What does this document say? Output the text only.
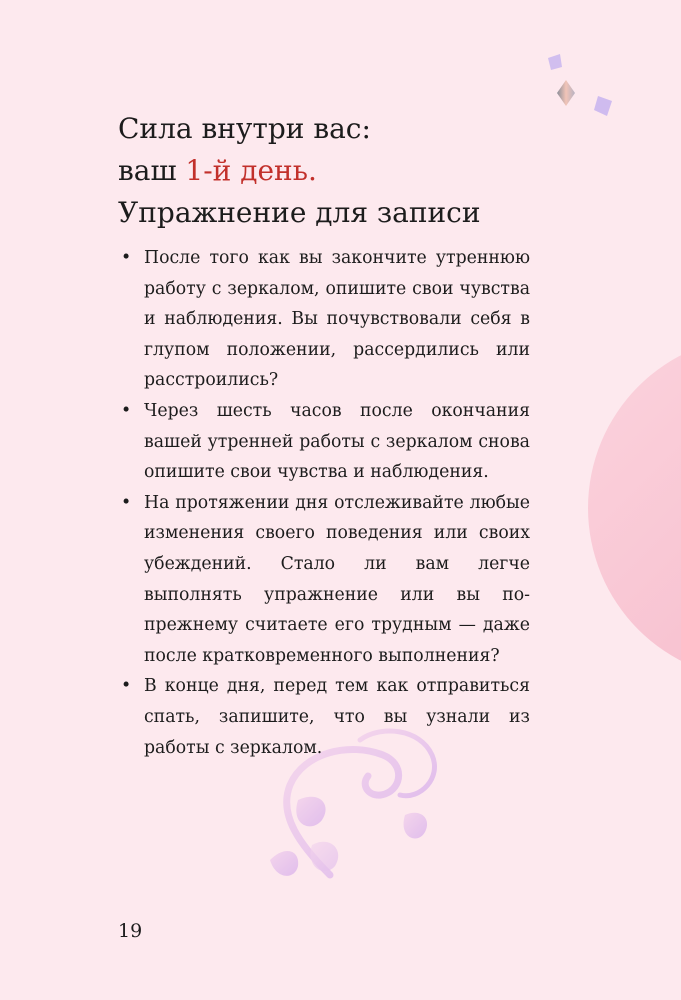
Сила внутри вас:
ваш 1-й день.
Упражнение для записи
• После того как вы закончите утреннюю работу с зеркалом, опишите свои чувства и наблюдения. Вы почувствовали себя в глупом положении, рассердились или расстроились?
• Через шесть часов после окончания вашей утренней работы с зеркалом снова опишите свои чувства и наблюдения.
• На протяжении дня отслеживайте любые изменения своего поведения или своих убеждений. Стало ли вам легче выполнять упражнение или вы по-прежнему считаете его трудным — даже после кратковременного выполнения?
• В конце дня, перед тем как отправиться спать, запишите, что вы узнали из работы с зеркалом.
19
